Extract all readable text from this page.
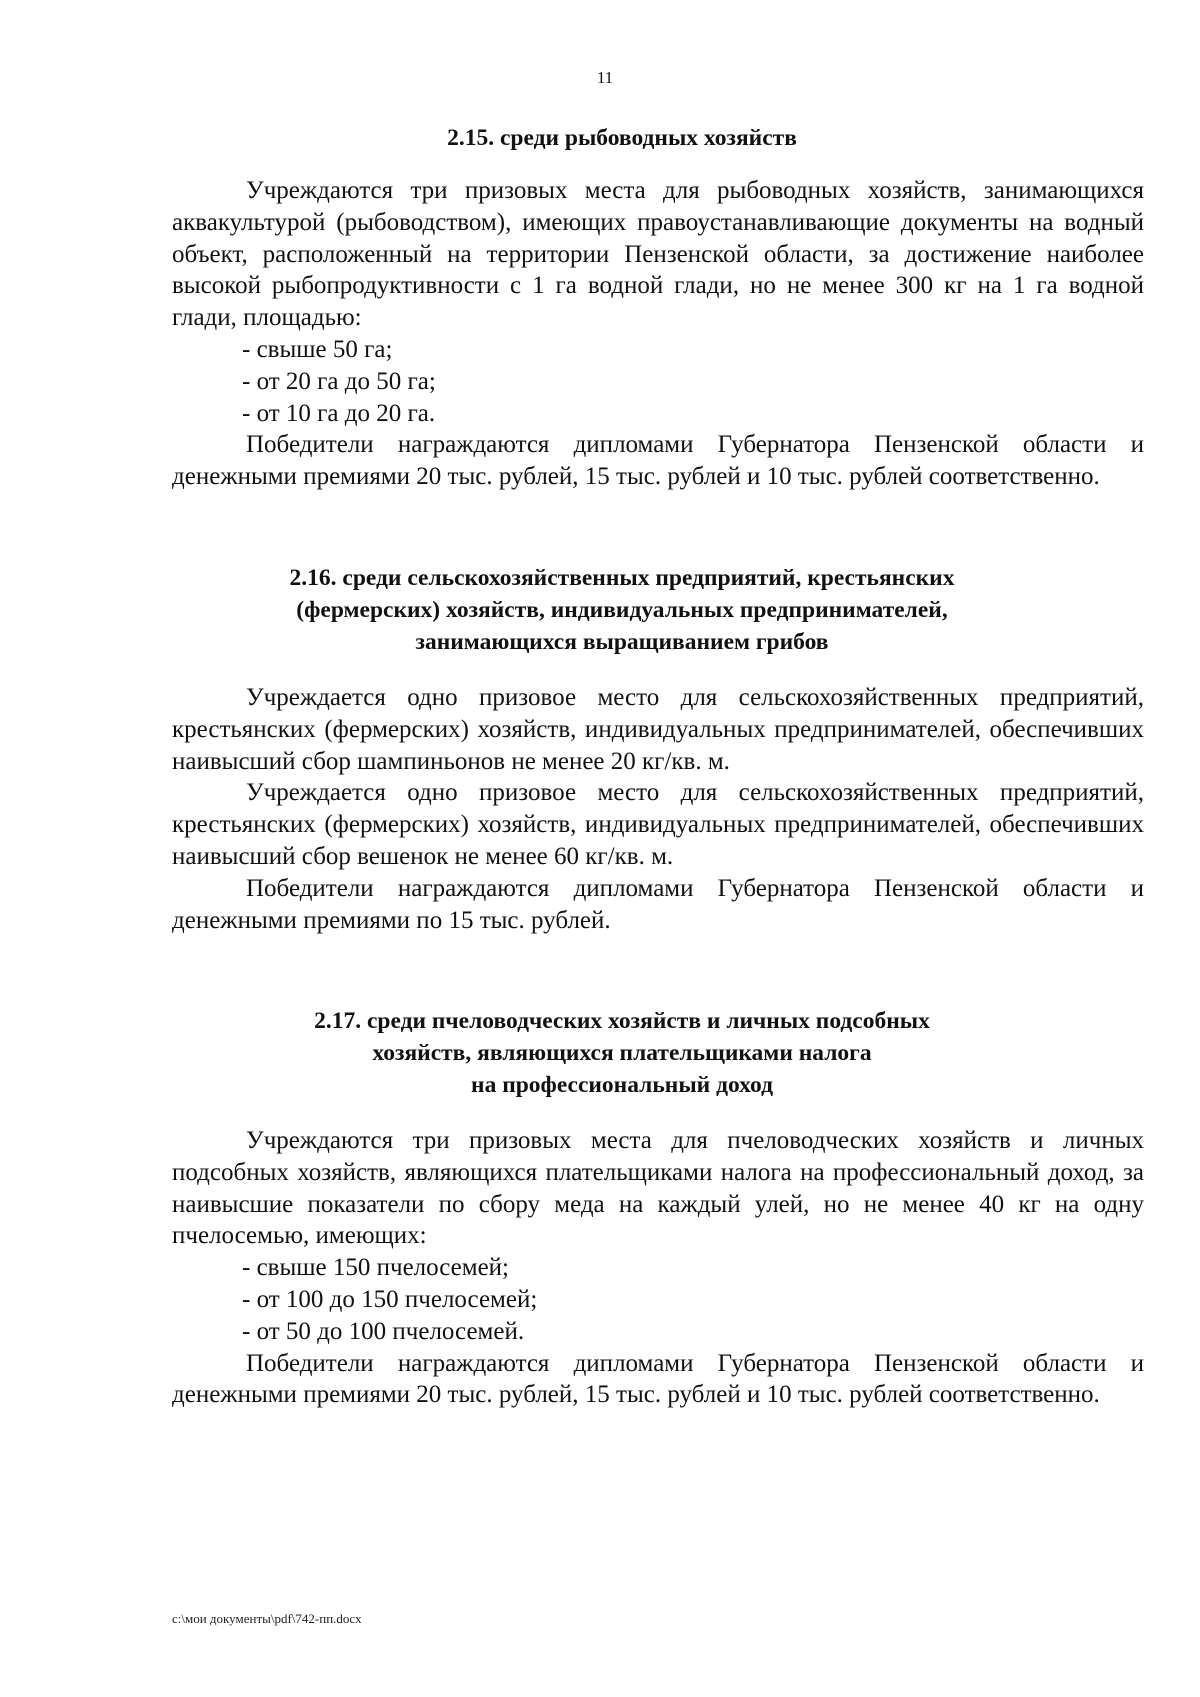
11
2.15. среди рыбоводных хозяйств

Учреждаются три призовых места для рыбоводных хозяйств, занимающихся аквакультурой (рыбоводством), имеющих правоустанавливающие документы на водный объект, расположенный на территории Пензенской области, за достижение наиболее высокой рыбопродуктивности с 1 га водной глади, но не менее 300 кг на 1 га водной глади, площадью:

- свыше 50 га;

- от 20 га до 50 га;

- от 10 га до 20 га.

Победители награждаются дипломами Губернатора Пензенской области и денежными премиями 20 тыс. рублей, 15 тыс. рублей и 10 тыс. рублей соответственно.

2.16. среди сельскохозяйственных предприятий, крестьянских
(фермерских) хозяйств, индивидуальных предпринимателей,
занимающихся выращиванием грибов

Учреждается одно призовое место для сельскохозяйственных предприятий, крестьянских (фермерских) хозяйств, индивидуальных предпринимателей, обеспечивших наивысший сбор шампиньонов не менее 20 кг/кв. м.

Учреждается одно призовое место для сельскохозяйственных предприятий, крестьянских (фермерских) хозяйств, индивидуальных предпринимателей, обеспечивших наивысший сбор вешенок не менее 60 кг/кв. м.

Победители награждаются дипломами Губернатора Пензенской области и денежными премиями по 15 тыс. рублей.

2.17. среди пчеловодческих хозяйств и личных подсобных
хозяйств, являющихся плательщиками налога
на профессиональный доход

Учреждаются три призовых места для пчеловодческих хозяйств и личных подсобных хозяйств, являющихся плательщиками налога на профессиональный доход, за наивысшие показатели по сбору меда на каждый улей, но не менее 40 кг на одну пчелосемью, имеющих:

- свыше 150 пчелосемей;

- от 100 до 150 пчелосемей;

- от 50 до 100 пчелосемей.

Победители награждаются дипломами Губернатора Пензенской области и денежными премиями 20 тыс. рублей, 15 тыс. рублей и 10 тыс. рублей соответственно.

c:\мои документы\pdf\742-пп.docx
